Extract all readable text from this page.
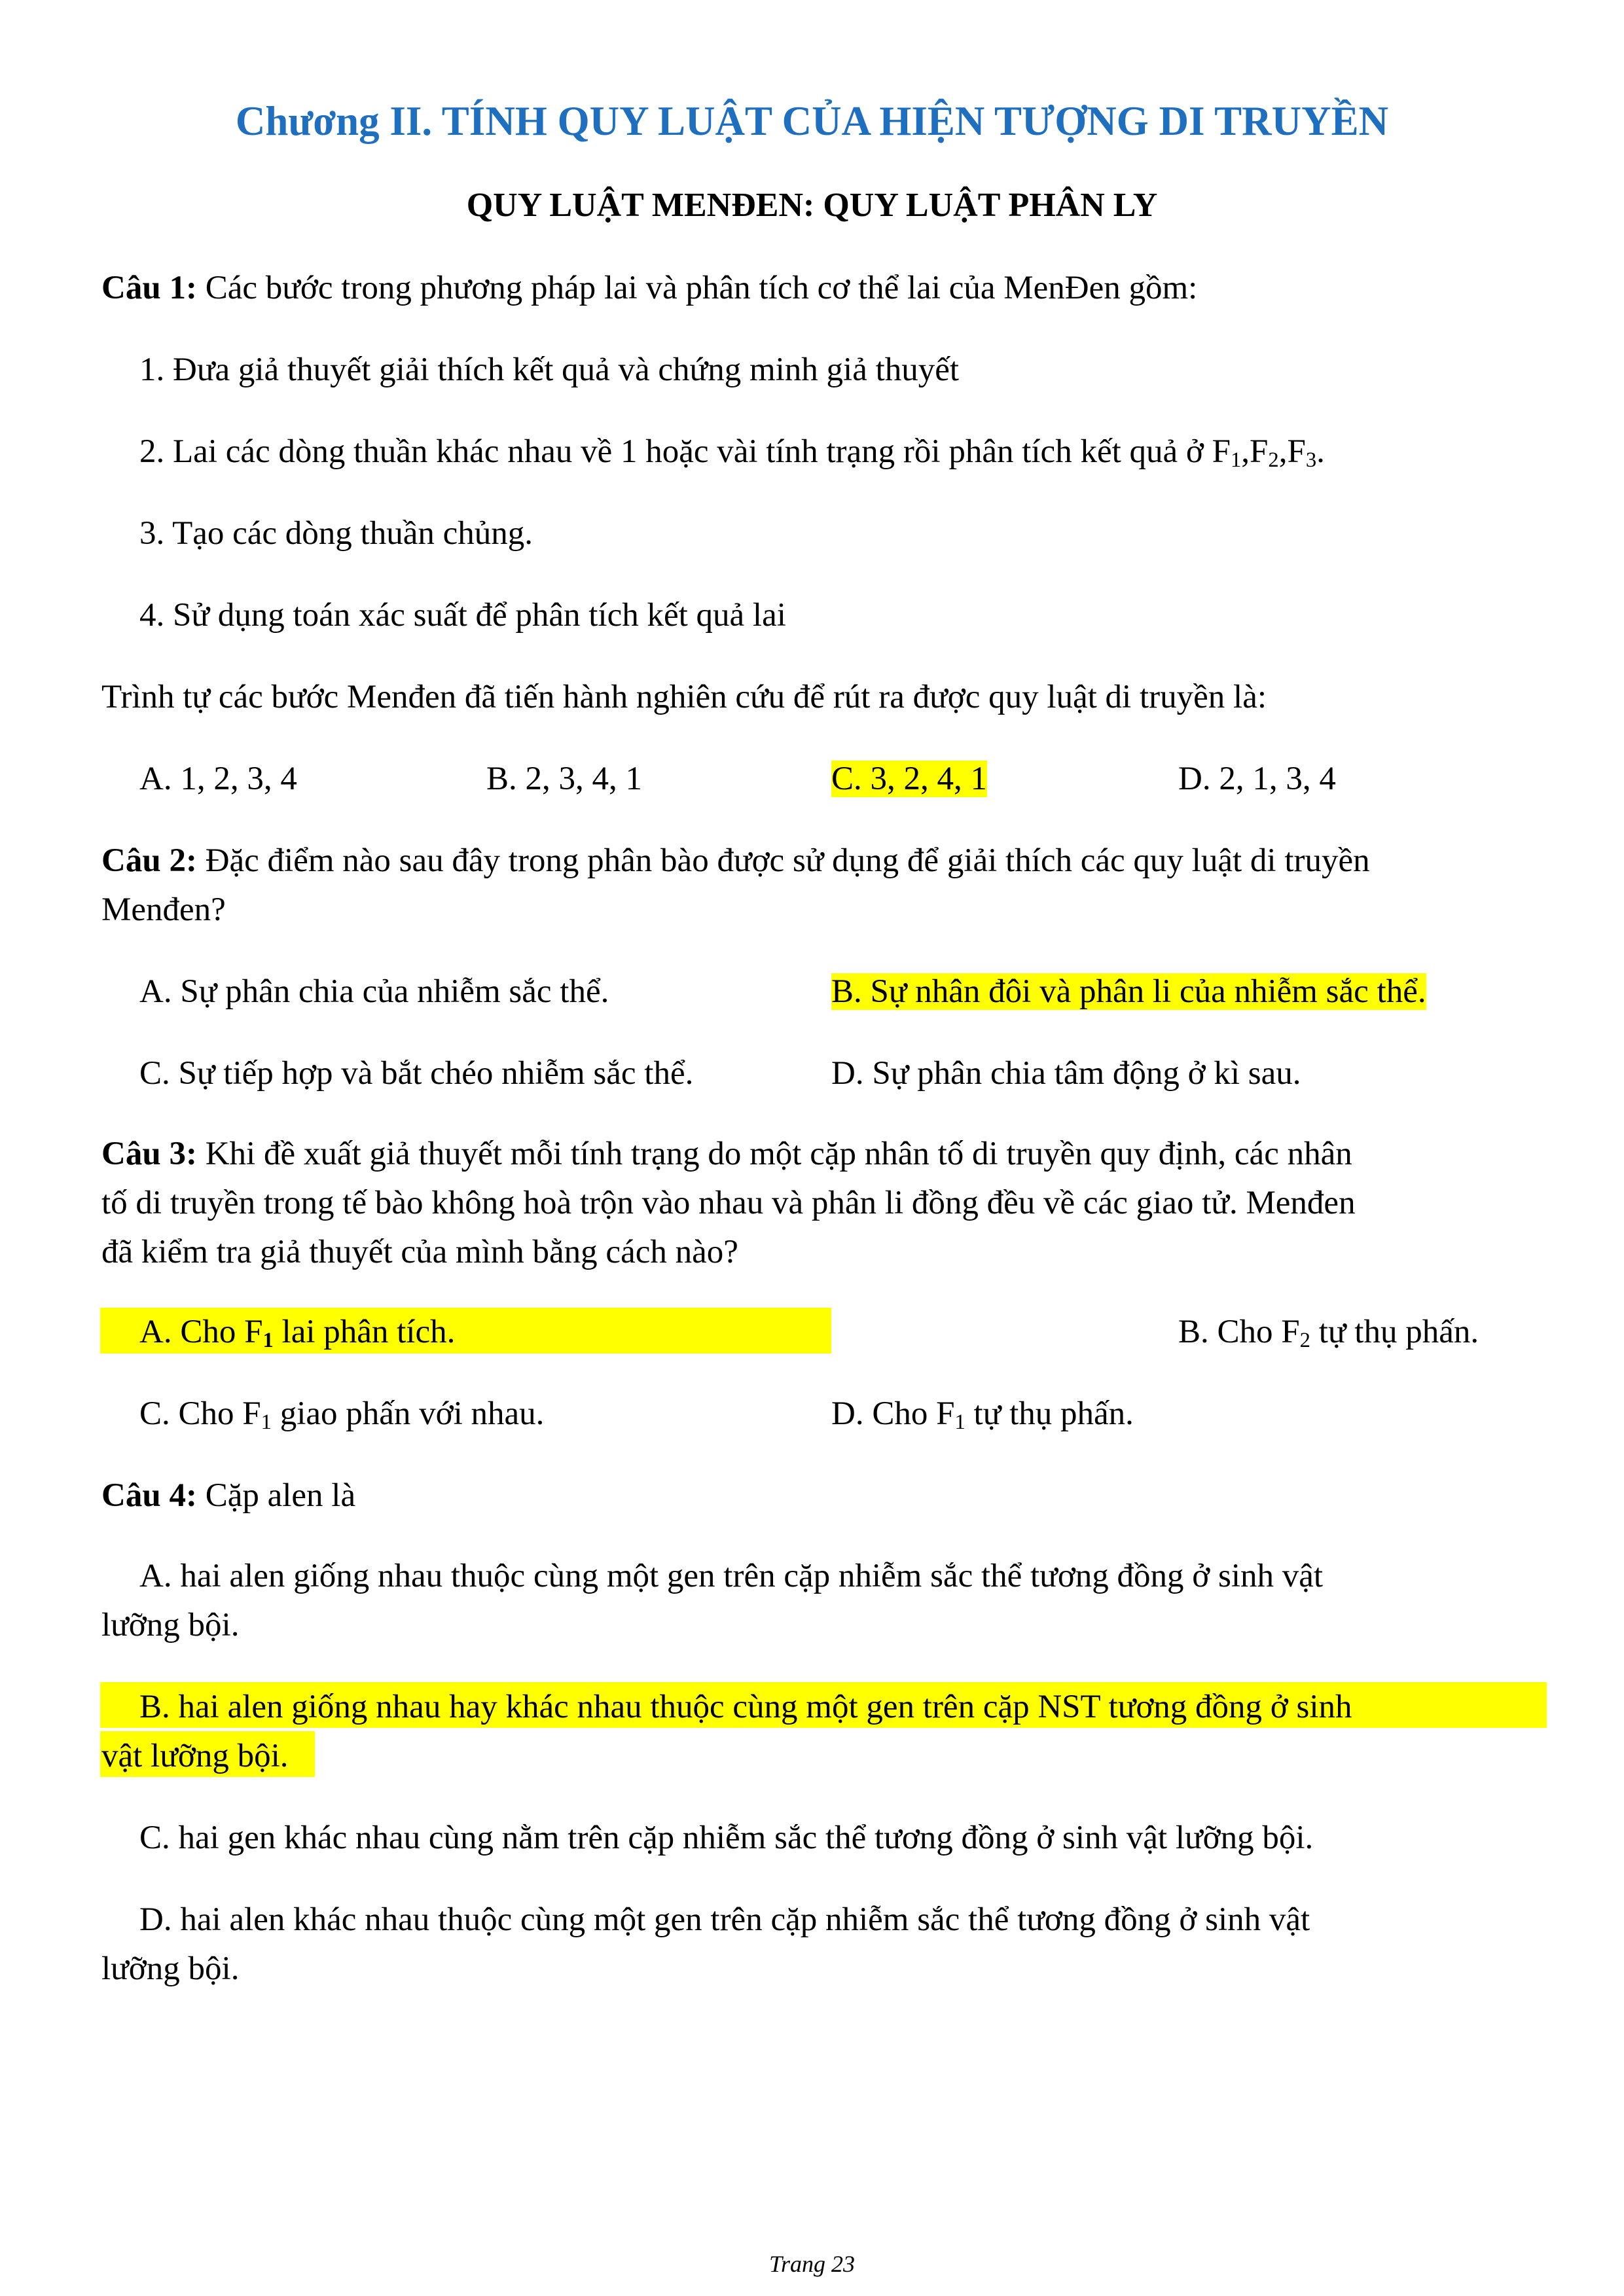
Chương II. TÍNH QUY LUẬT CỦA HIỆN TƯỢNG DI TRUYỀN
QUY LUẬT MENĐEN: QUY LUẬT PHÂN LY
Câu 1: Các bước trong phương pháp lai và phân tích cơ thể lai của MenĐen gồm:
1. Đưa giả thuyết giải thích kết quả và chứng minh giả thuyết
2. Lai các dòng thuần khác nhau về 1 hoặc vài tính trạng rồi phân tích kết quả ở $F_1,F_2,F_3$.
3. Tạo các dòng thuần chủng.
4. Sử dụng toán xác suất để phân tích kết quả lai
Trình tự các bước Menđen đã tiến hành nghiên cứu để rút ra được quy luật di truyền là:
A. 1, 2, 3, 4	B. 2, 3, 4, 1	C. 3, 2, 4, 1	D. 2, 1, 3, 4
Câu 2: Đặc điểm nào sau đây trong phân bào được sử dụng để giải thích các quy luật di truyền
Menđen?
A. Sự phân chia của nhiễm sắc thể.	B. Sự nhân đôi và phân li của nhiễm sắc thể.
C. Sự tiếp hợp và bắt chéo nhiễm sắc thể.	D. Sự phân chia tâm động ở kì sau.
Câu 3: Khi đề xuất giả thuyết mỗi tính trạng do một cặp nhân tố di truyền quy định, các nhân
tố di truyền trong tế bào không hoà trộn vào nhau và phân li đồng đều về các giao tử. Menđen
đã kiểm tra giả thuyết của mình bằng cách nào?
A. Cho $F_1$ lai phân tích.	B. Cho $F_2$ tự thụ phấn.
C. Cho $F_1$ giao phấn với nhau.	D. Cho $F_1$ tự thụ phấn.
Câu 4: Cặp alen là
A. hai alen giống nhau thuộc cùng một gen trên cặp nhiễm sắc thể tương đồng ở sinh vật
lưỡng bội.
B. hai alen giống nhau hay khác nhau thuộc cùng một gen trên cặp NST tương đồng ở sinh
vật lưỡng bội.
C. hai gen khác nhau cùng nằm trên cặp nhiễm sắc thể tương đồng ở sinh vật lưỡng bội.
D. hai alen khác nhau thuộc cùng một gen trên cặp nhiễm sắc thể tương đồng ở sinh vật
lưỡng bội.
Trang 23
